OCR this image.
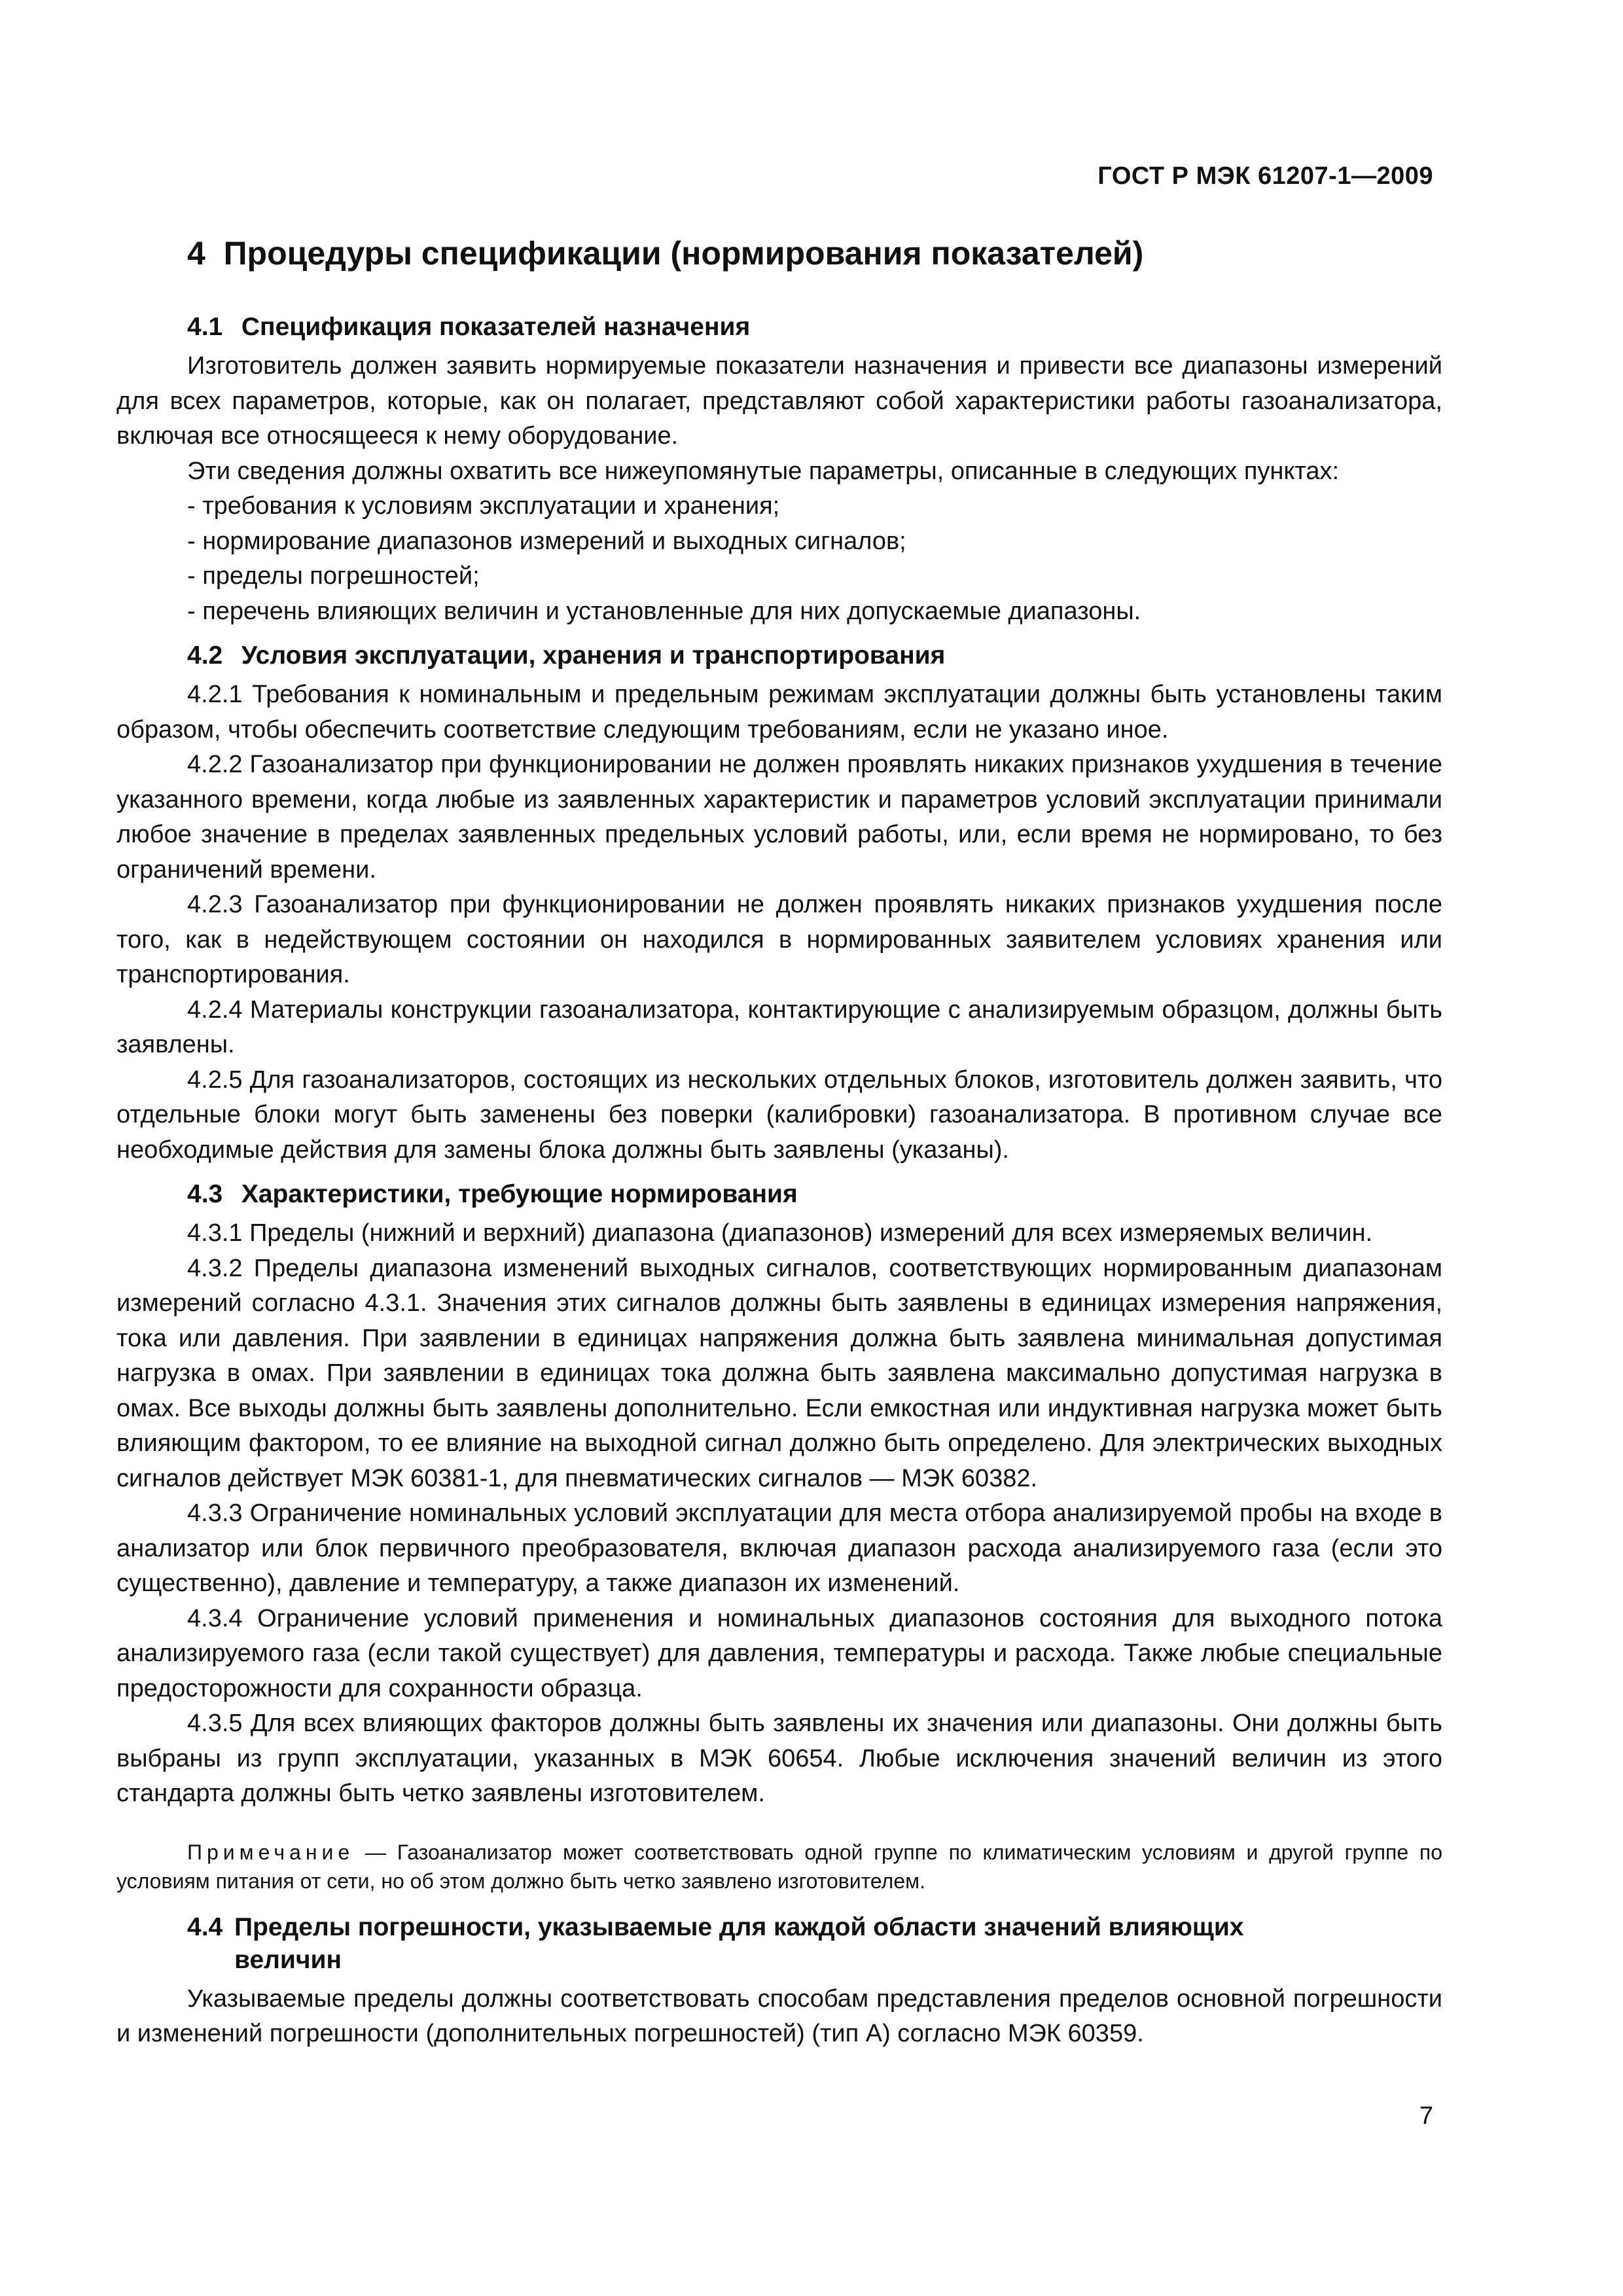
ГОСТ Р МЭК 61207-1—2009
4 Процедуры спецификации (нормирования показателей)
4.1 Спецификация показателей назначения

Изготовитель должен заявить нормируемые показатели назначения и привести все диапазоны измерений для всех параметров, которые, как он полагает, представляют собой характеристики работы газоанализатора, включая все относящееся к нему оборудование.

Эти сведения должны охватить все нижеупомянутые параметры, описанные в следующих пунктах:

- требования к условиям эксплуатации и хранения;
- нормирование диапазонов измерений и выходных сигналов;
- пределы погрешностей;
- перечень влияющих величин и установленные для них допускаемые диапазоны.
4.2 Условия эксплуатации, хранения и транспортирования

4.2.1 Требования к номинальным и предельным режимам эксплуатации должны быть установлены таким образом, чтобы обеспечить соответствие следующим требованиям, если не указано иное.

4.2.2 Газоанализатор при функционировании не должен проявлять никаких признаков ухудшения в течение указанного времени, когда любые из заявленных характеристик и параметров условий эксплуатации принимали любое значение в пределах заявленных предельных условий работы, или, если время не нормировано, то без ограничений времени.

4.2.3 Газоанализатор при функционировании не должен проявлять никаких признаков ухудшения после того, как в недействующем состоянии он находился в нормированных заявителем условиях хранения или транспортирования.

4.2.4 Материалы конструкции газоанализатора, контактирующие с анализируемым образцом, должны быть заявлены.

4.2.5 Для газоанализаторов, состоящих из нескольких отдельных блоков, изготовитель должен заявить, что отдельные блоки могут быть заменены без поверки (калибровки) газоанализатора. В противном случае все необходимые действия для замены блока должны быть заявлены (указаны).

4.3 Характеристики, требующие нормирования

4.3.1 Пределы (нижний и верхний) диапазона (диапазонов) измерений для всех измеряемых величин.

4.3.2 Пределы диапазона изменений выходных сигналов, соответствующих нормированным диапазонам измерений согласно 4.3.1. Значения этих сигналов должны быть заявлены в единицах измерения напряжения, тока или давления. При заявлении в единицах напряжения должна быть заявлена минимальная допустимая нагрузка в омах. При заявлении в единицах тока должна быть заявлена максимально допустимая нагрузка в омах. Все выходы должны быть заявлены дополнительно. Если емкостная или индуктивная нагрузка может быть влияющим фактором, то ее влияние на выходной сигнал должно быть определено. Для электрических выходных сигналов действует МЭК 60381-1, для пневматических сигналов — МЭК 60382.

4.3.3 Ограничение номинальных условий эксплуатации для места отбора анализируемой пробы на входе в анализатор или блок первичного преобразователя, включая диапазон расхода анализируемого газа (если это существенно), давление и температуру, а также диапазон их изменений.

4.3.4 Ограничение условий применения и номинальных диапазонов состояния для выходного потока анализируемого газа (если такой существует) для давления, температуры и расхода. Также любые специальные предосторожности для сохранности образца.

4.3.5 Для всех влияющих факторов должны быть заявлены их значения или диапазоны. Они должны быть выбраны из групп эксплуатации, указанных в МЭК 60654. Любые исключения значений величин из этого стандарта должны быть четко заявлены изготовителем.

Примечание — Газоанализатор может соответствовать одной группе по климатическим условиям и другой группе по условиям питания от сети, но об этом должно быть четко заявлено изготовителем.
4.4 Пределы погрешности, указываемые для каждой области значений влияющих
величин

Указываемые пределы должны соответствовать способам представления пределов основной погрешности и изменений погрешности (дополнительных погрешностей) (тип А) согласно МЭК 60359.

7
